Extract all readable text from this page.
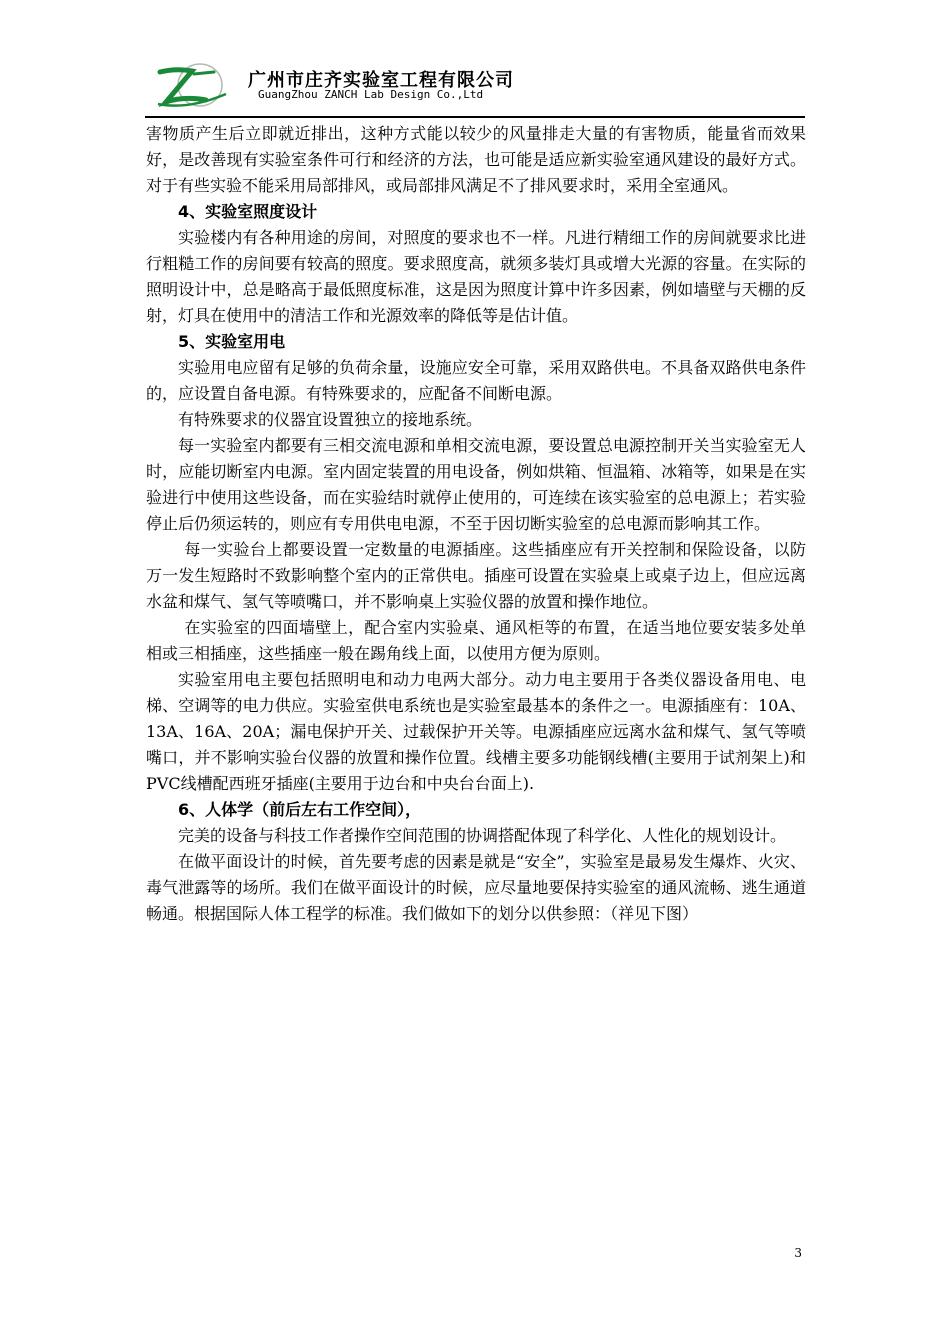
广州市庄齐实验室工程有限公司
GuangZhou ZANCH Lab Design Co.,Ltd

害物质产生后立即就近排出，这种方式能以较少的风量排走大量的有害物质，能量省而效果好，是改善现有实验室条件可行和经济的方法，也可能是适应新实验室通风建设的最好方式。对于有些实验不能采用局部排风，或局部排风满足不了排风要求时，采用全室通风。

4、实验室照度设计

实验楼内有各种用途的房间，对照度的要求也不一样。凡进行精细工作的房间就要求比进行粗糙工作的房间要有较高的照度。要求照度高，就须多装灯具或增大光源的容量。在实际的照明设计中，总是略高于最低照度标准，这是因为照度计算中许多因素，例如墙壁与天棚的反射，灯具在使用中的清洁工作和光源效率的降低等是估计值。

5、实验室用电

实验用电应留有足够的负荷余量，设施应安全可靠，采用双路供电。不具备双路供电条件的，应设置自备电源。有特殊要求的，应配备不间断电源。

有特殊要求的仪器宜设置独立的接地系统。

每一实验室内都要有三相交流电源和单相交流电源，要设置总电源控制开关当实验室无人时，应能切断室内电源。室内固定装置的用电设备，例如烘箱、恒温箱、冰箱等，如果是在实验进行中使用这些设备，而在实验结时就停止使用的，可连续在该实验室的总电源上；若实验停止后仍须运转的，则应有专用供电电源，不至于因切断实验室的总电源而影响其工作。

每一实验台上都要设置一定数量的电源插座。这些插座应有开关控制和保险设备，以防万一发生短路时不致影响整个室内的正常供电。插座可设置在实验桌上或桌子边上，但应远离水盆和煤气、氢气等喷嘴口，并不影响桌上实验仪器的放置和操作地位。

在实验室的四面墙壁上，配合室内实验桌、通风柜等的布置，在适当地位要安装多处单相或三相插座，这些插座一般在踢角线上面，以使用方便为原则。

实验室用电主要包括照明电和动力电两大部分。动力电主要用于各类仪器设备用电、电梯、空调等的电力供应。实验室供电系统也是实验室最基本的条件之一。电源插座有：10A、13A、16A、20A；漏电保护开关、过载保护开关等。电源插座应远离水盆和煤气、氢气等喷嘴口，并不影响实验台仪器的放置和操作位置。线槽主要多功能钢线槽(主要用于试剂架上)和PVC线槽配西班牙插座(主要用于边台和中央台台面上).

6、人体学（前后左右工作空间），

完美的设备与科技工作者操作空间范围的协调搭配体现了科学化、人性化的规划设计。

在做平面设计的时候，首先要考虑的因素是就是“安全”，实验室是最易发生爆炸、火灾、毒气泄露等的场所。我们在做平面设计的时候，应尽量地要保持实验室的通风流畅、逃生通道畅通。根据国际人体工程学的标准。我们做如下的划分以供参照：（祥见下图）

3
